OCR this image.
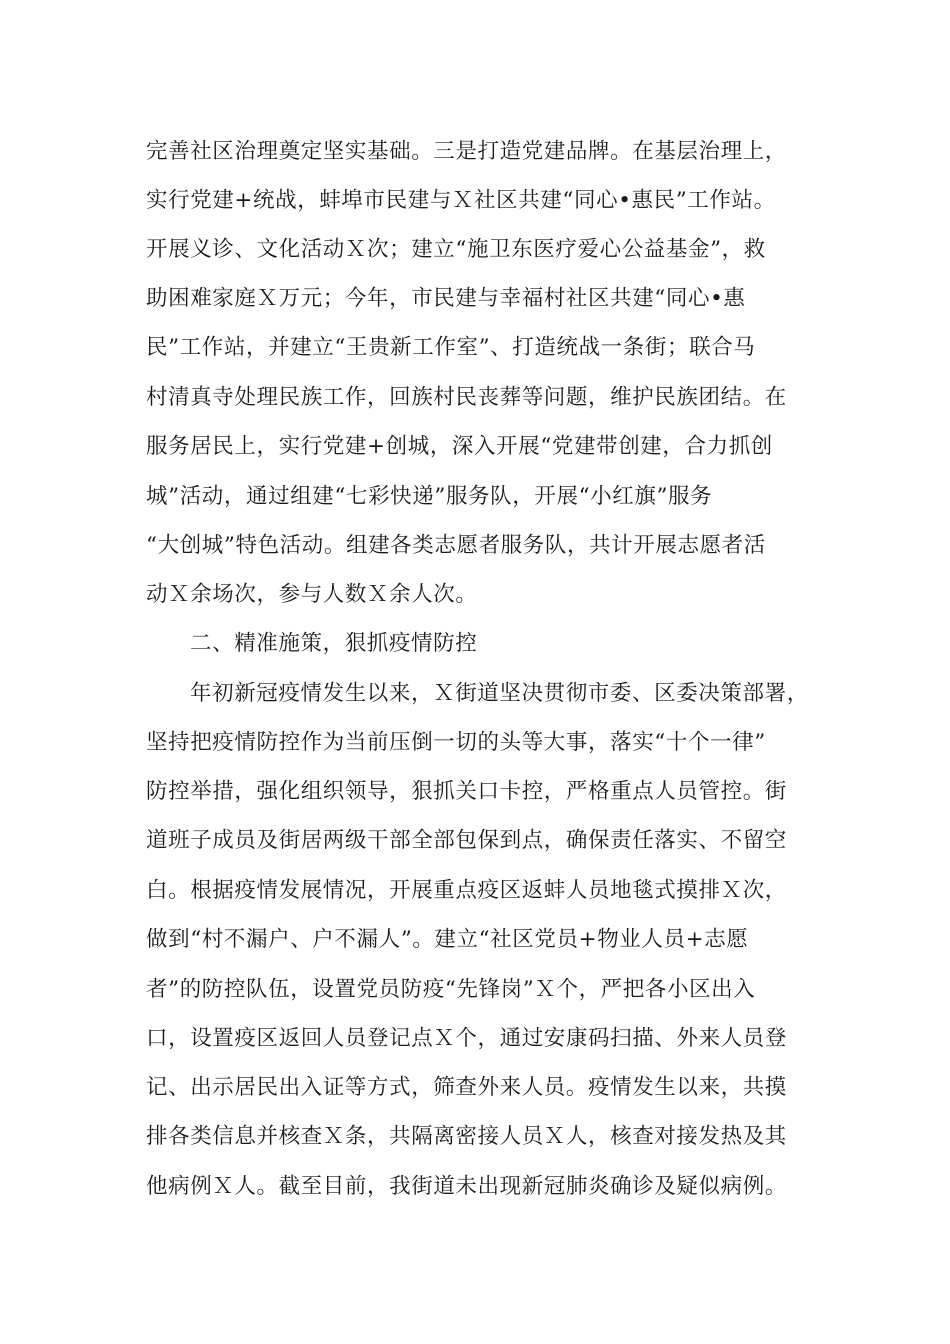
完善社区治理奠定坚实基础。三是打造党建品牌。在基层治理上，
实行党建+统战，蚌埠市民建与Ｘ社区共建“同心•惠民”工作站。
开展义诊、文化活动Ｘ次；建立“施卫东医疗爱心公益基金”，救
助困难家庭Ｘ万元；今年，市民建与幸福村社区共建“同心•惠
民”工作站，并建立“王贵新工作室”、打造统战一条街；联合马
村清真寺处理民族工作，回族村民丧葬等问题，维护民族团结。在
服务居民上，实行党建+创城，深入开展“党建带创建，合力抓创
城”活动，通过组建“七彩快递”服务队，开展“小红旗”服务
“大创城”特色活动。组建各类志愿者服务队，共计开展志愿者活
动Ｘ余场次，参与人数Ｘ余人次。
二、精准施策，狠抓疫情防控
年初新冠疫情发生以来，Ｘ街道坚决贯彻市委、区委决策部署，
坚持把疫情防控作为当前压倒一切的头等大事，落实“十个一律”
防控举措，强化组织领导，狠抓关口卡控，严格重点人员管控。街
道班子成员及街居两级干部全部包保到点，确保责任落实、不留空
白。根据疫情发展情况，开展重点疫区返蚌人员地毯式摸排Ｘ次，
做到“村不漏户、户不漏人”。建立“社区党员+物业人员+志愿
者”的防控队伍，设置党员防疫“先锋岗”Ｘ个，严把各小区出入
口，设置疫区返回人员登记点Ｘ个，通过安康码扫描、外来人员登
记、出示居民出入证等方式，筛查外来人员。疫情发生以来，共摸
排各类信息并核查Ｘ条，共隔离密接人员Ｘ人，核查对接发热及其
他病例Ｘ人。截至目前，我街道未出现新冠肺炎确诊及疑似病例。
